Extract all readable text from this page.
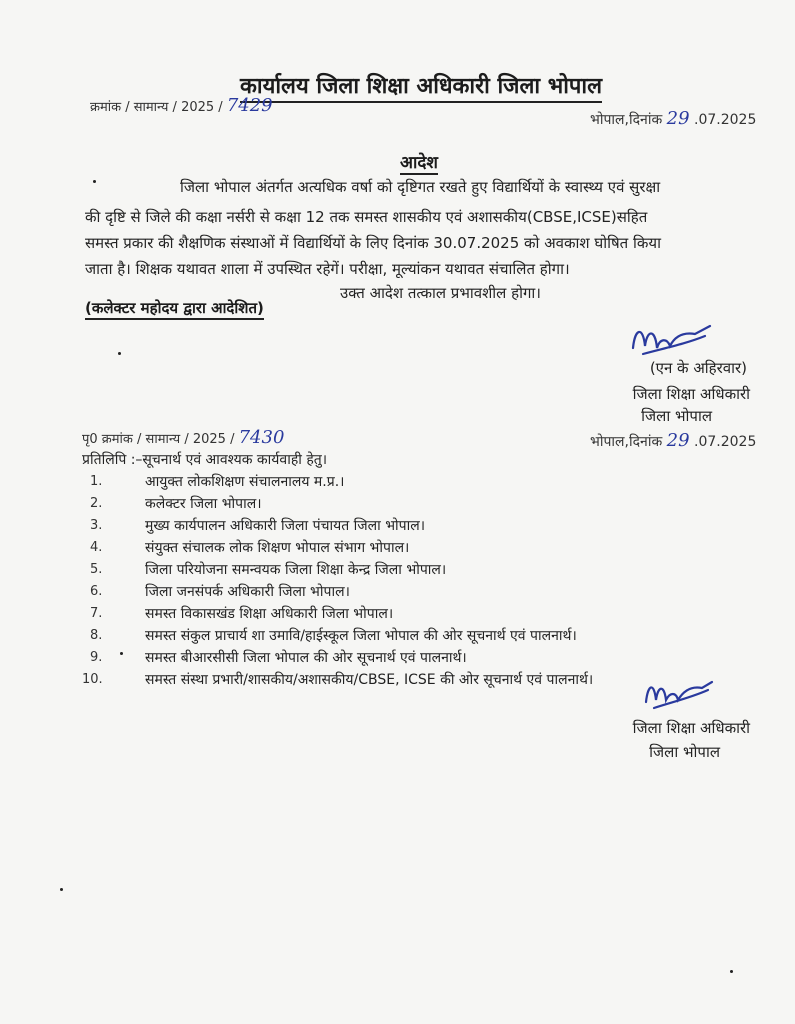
कार्यालय जिला शिक्षा अधिकारी जिला भोपाल
क्रमांक / सामान्य / 2025 / 7429
भोपाल,दिनांक 29 .07.2025
आदेश
जिला भोपाल अंतर्गत अत्यधिक वर्षा को दृष्टिगत रखते हुए विद्यार्थियों के स्वास्थ्य एवं सुरक्षा
की दृष्टि से जिले की कक्षा नर्सरी से कक्षा 12 तक समस्त शासकीय एवं अशासकीय(CBSE,ICSE)सहित
समस्त प्रकार की शैक्षणिक संस्थाओं में विद्यार्थियों के लिए दिनांक 30.07.2025 को अवकाश घोषित किया
जाता है। शिक्षक यथावत शाला में उपस्थित रहेगें। परीक्षा, मूल्यांकन यथावत संचालित होगा।
उक्त आदेश तत्काल प्रभावशील होगा।
(कलेक्टर महोदय द्वारा आदेशित)
(एन के अहिरवार)
जिला शिक्षा अधिकारी
जिला भोपाल
भोपाल,दिनांक 29 .07.2025
पृ0 क्रमांक / सामान्य / 2025 / 7430
प्रतिलिपि :–सूचनार्थ एवं आवश्यक कार्यवाही हेतु।
1.	आयुक्त लोकशिक्षण संचालनालय म.प्र.।
2.	कलेक्टर जिला भोपाल।
3.	मुख्य कार्यपालन अधिकारी जिला पंचायत जिला भोपाल।
4.	संयुक्त संचालक लोक शिक्षण भोपाल संभाग भोपाल।
5.	जिला परियोजना समन्वयक जिला शिक्षा केन्द्र जिला भोपाल।
6.	जिला जनसंपर्क अधिकारी जिला भोपाल।
7.	समस्त विकासखंड शिक्षा अधिकारी जिला भोपाल।
8.	समस्त संकुल प्राचार्य शा उमावि/हाईस्कूल जिला भोपाल की ओर सूचनार्थ एवं पालनार्थ।
9.	समस्त बीआरसीसी जिला भोपाल की ओर सूचनार्थ एवं पालनार्थ।
10.	समस्त संस्था प्रभारी/शासकीय/अशासकीय/CBSE, ICSE की ओर सूचनार्थ एवं पालनार्थ।
जिला शिक्षा अधिकारी
जिला भोपाल
